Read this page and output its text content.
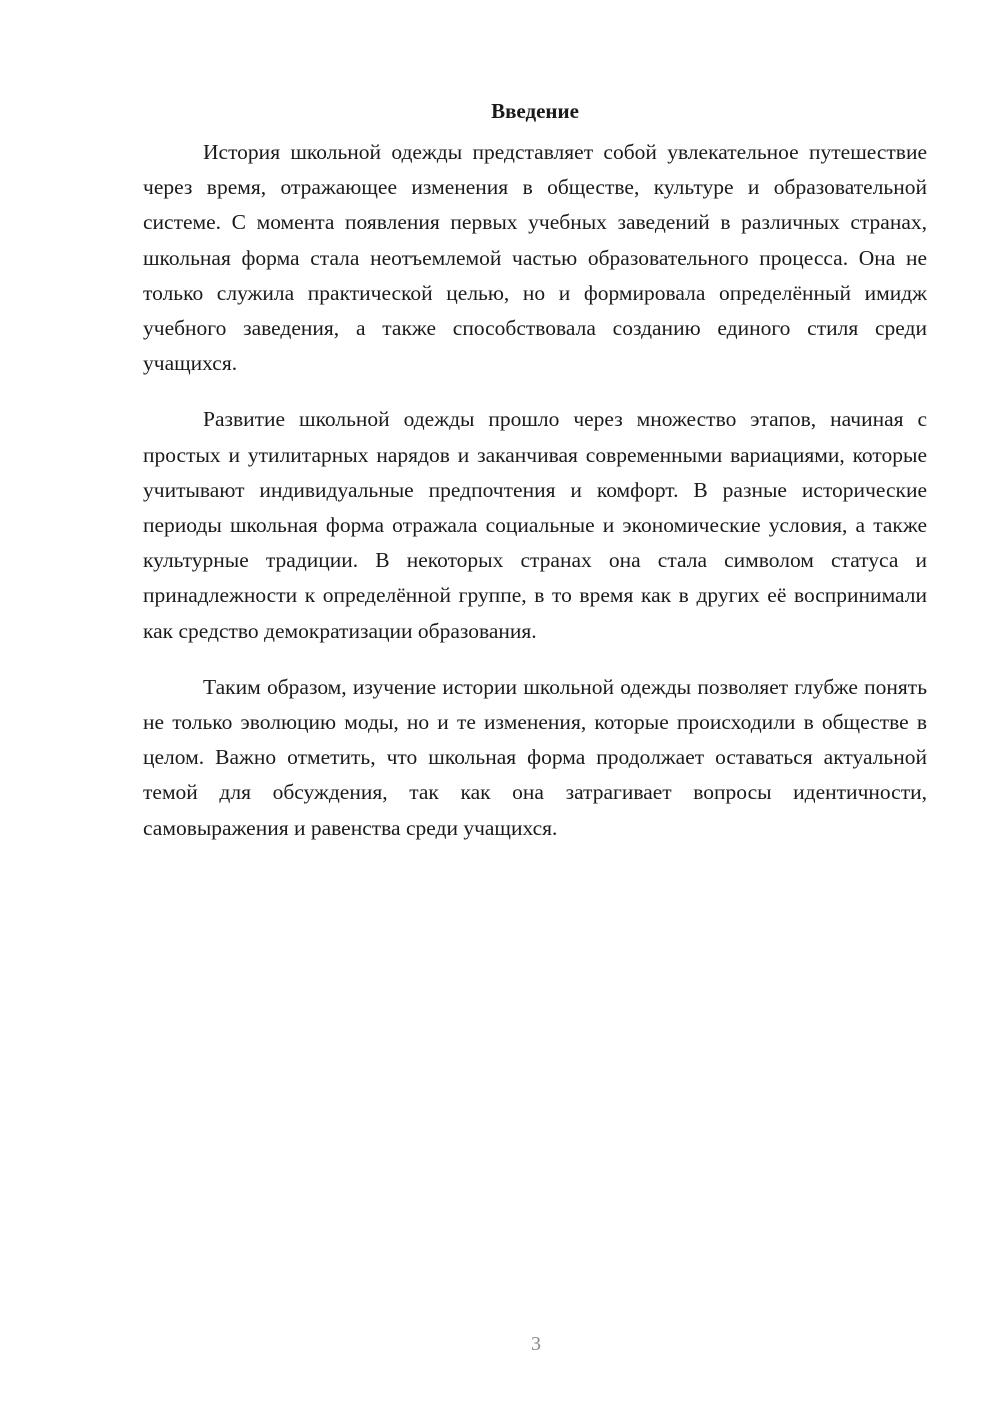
Введение

История школьной одежды представляет собой увлекательное путешествие через время, отражающее изменения в обществе, культуре и образовательной системе. С момента появления первых учебных заведений в различных странах, школьная форма стала неотъемлемой частью образовательного процесса. Она не только служила практической целью, но и формировала определённый имидж учебного заведения, а также способствовала созданию единого стиля среди учащихся.

Развитие школьной одежды прошло через множество этапов, начиная с простых и утилитарных нарядов и заканчивая современными вариациями, которые учитывают индивидуальные предпочтения и комфорт. В разные исторические периоды школьная форма отражала социальные и экономические условия, а также культурные традиции. В некоторых странах она стала символом статуса и принадлежности к определённой группе, в то время как в других её воспринимали как средство демократизации образования.

Таким образом, изучение истории школьной одежды позволяет глубже понять не только эволюцию моды, но и те изменения, которые происходили в обществе в целом. Важно отметить, что школьная форма продолжает оставаться актуальной темой для обсуждения, так как она затрагивает вопросы идентичности, самовыражения и равенства среди учащихся.

3
